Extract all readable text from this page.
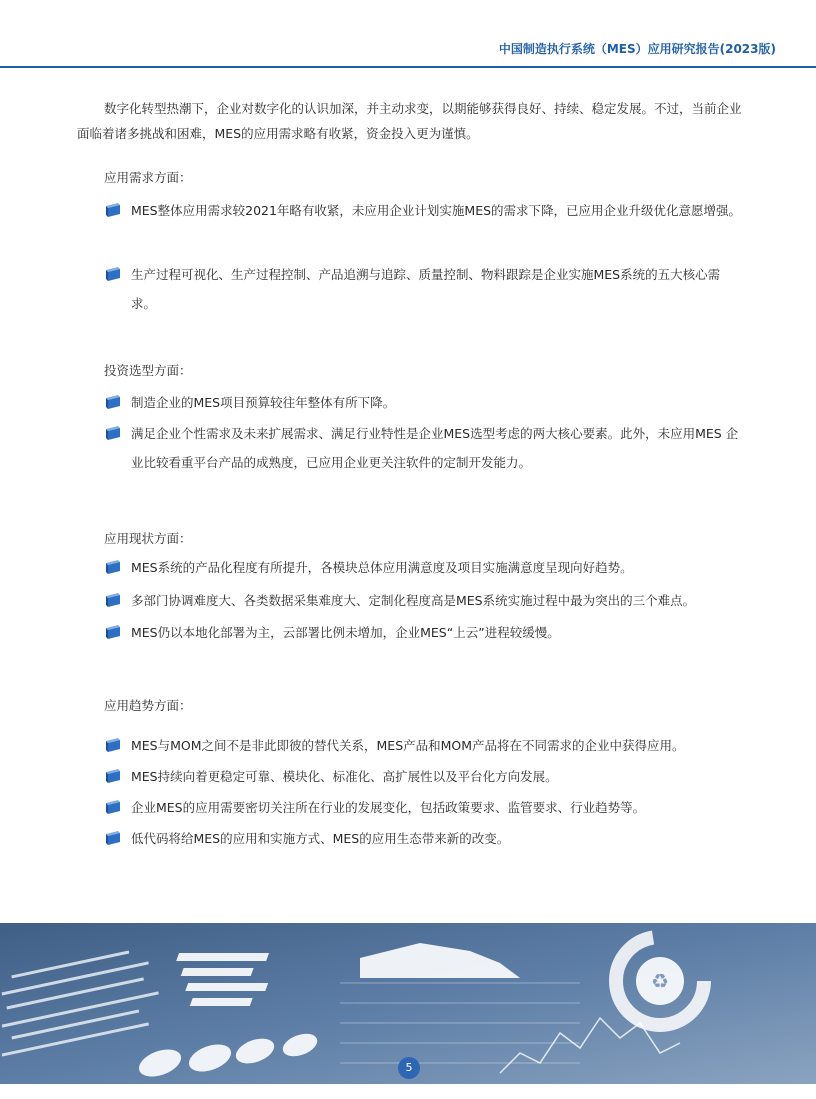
中国制造执行系统（MES）应用研究报告(2023版)

数字化转型热潮下，企业对数字化的认识加深，并主动求变，以期能够获得良好、持续、稳定发展。不过，当前企业面临着诸多挑战和困难，MES的应用需求略有收紧，资金投入更为谨慎。

应用需求方面：

MES整体应用需求较2021年略有收紧，未应用企业计划实施MES的需求下降，已应用企业升级优化意愿增强。
生产过程可视化、生产过程控制、产品追溯与追踪、质量控制、物料跟踪是企业实施MES系统的五大核心需求。

投资选型方面：

制造企业的MES项目预算较往年整体有所下降。
满足企业个性需求及未来扩展需求、满足行业特性是企业MES选型考虑的两大核心要素。此外，未应用MES 企业比较看重平台产品的成熟度，已应用企业更关注软件的定制开发能力。

应用现状方面：

MES系统的产品化程度有所提升，各模块总体应用满意度及项目实施满意度呈现向好趋势。
多部门协调难度大、各类数据采集难度大、定制化程度高是MES系统实施过程中最为突出的三个难点。
MES仍以本地化部署为主，云部署比例未增加，企业MES“上云”进程较缓慢。

应用趋势方面：

MES与MOM之间不是非此即彼的替代关系，MES产品和MOM产品将在不同需求的企业中获得应用。
MES持续向着更稳定可靠、模块化、标准化、高扩展性以及平台化方向发展。
企业MES的应用需要密切关注所在行业的发展变化，包括政策要求、监管要求、行业趋势等。
低代码将给MES的应用和实施方式、MES的应用生态带来新的改变。
♻
5
